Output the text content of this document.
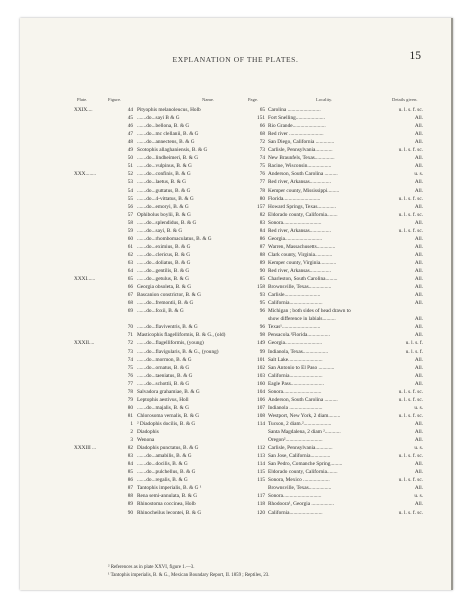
EXPLANATION OF THE PLATES.	15
Plate.	Figure.	Name.	Page.	Locality.	Details given.
XXIX....	44 Pityophis melanoleucus, Holb	65 Carolina .........................	u. l. s. f. sc.
45 .......do...sayi B & G	151 Fort Snelling......................	All.
46 .......do...bellona, B. & G	66 Rio Grande.........................	All.
47 .......do...mc clellanii, B. & G	68 Red river ..........................	All.
48 .......do...annectens, B. & G	72 San Diego, California ..............	All.
49 Scotophis allaghaniensis, B. & G	73 Carlisle, Pennsylvania.............	u. l. s. f. sc.
50 .......do...lindheimeri, B. & G	74 New Braunfels, Texas...............	All.
51 .......do...vulpinus, B. & G	75 Racine, Wisconsin..................	All.
XXX........	52 .......do...confinis, B. & G	76 Anderson, South Carolina ..........	u. s.
53 .......do...laetus, B. & G	77 Red river, Arkansas................	All.
54 .......do...guttatus, B. & G	78 Kemper county, Mississippi.........	All.
55 .......do...4-vittatus, B. & G	80 Florida............................	u. l. s. f. sc.
56 .......do...emoryi, B. & G	157 Howard Springs, Texas..............	All.
57 Ophibolus boylii, B. & G	82 Eldorado county, California........	u. l. s. f. sc.
58 .......do...splendidus, B. & G	83 Sonora.............................	All.
59 .......do...sayi, B. & G	84 Red river, Arkansas................	u. l. s. f. sc.
60 .......do...rhombomaculatus, B. & G	86 Georgia............................	All.
61 .......do...eximius, B. & G	87 Warren, Massachusetts..............	All.
62 .......do...clericus, B. & G	88 Clark county, Virginia.............	All.
63 .......do...doliatus, B. & G	89 Kemper county, Virginia............	All.
64 .......do...gentilis, B. & G	90 Red river, Arkansas................	All.
XXXI......	65 .......do...getulus, B. & G	85 Charleston, South Carolina.........	All.
66 Georgia obsoleta, B. & G	158 Brownsville, Texas.................	All.
67 Bascanion constrictor, B. & G	93 Carlisle...........................	All.
68 .......do...fremontii, B. & G	95 California.........................	All.
69 .......do...foxii, B. & G	96 Michigan ; both sides of head drawn to
show difference in labials..........	All.
70 .......do...flaviventris, B. & G	96 Texas¹.............................	All.
71 Masticophis flagelliformis, B. & G., (old)	98 Pensacola.¹Florida.................	All.
XXXII....	72 .......do...flagelliformis, (young)	149 Georgia............................	u. l. s. f.
73 .......do...flavigularis, B. & G., (young)	99 Indianola, Texas...................	u. l. s. f.
74 .......do...mormon, B. & G	101 Salt Lake..........................	All.
75 .......do...ornatus, B. & G	102 San Antonio to El Paso ............	All.
76 .......do...taeniatus, B. & G	103 California.........................	All.
77 .......do...schottii, B. & G	160 Eagle Pass.........................	All.
78 Salvadora grahamiae, B. & G	104 Sonora.............................	u. l. s. f. sc.
79 Leptophis aestivus, Holl	106 Anderson, South Carolina ..........	u. l. s. f. sc.
80 .......do...majalis, B. & G	107 Indianola .........................	u. s.
81 Chlorosoma vernalis, B. & G	108 Westport, New York, 2 diam.........	u. l. s. f. sc.
1 ² Diadophis docilis, B. & G	114 Tucson, 2 diam.².....................	All.
2 Diadophis	Santa Magdalena, 2 diam ²............	All.
3 Wenona	Oregon²............................	All.
XXXIII ...	82 Diadophis punctatus, B. & G	112 Carlisle, Pennsylvania.............	u. s.
83 .......do...amabilis, B. & G	113 San Jose, California...............	u. l. s. f. sc.
84 .......do...docilis, B. & G	114 San Pedro, Comanche Spring.........	All.
85 .......do...pulchellus, B. & G	115 Eldorado county, California........	All.
86 .......do...regalis, B. & G	115 Sonora, Mexico ....................	u. l. s. f. sc.
87 Tantophis imperialis, B. & G ¹	Brownsville, Texas.................	All.
88 Rena semi-annulata, B. & G	117 Sonora.............................	u. s.
89 Rhinostoma coccinea, Holb	118 Rhodoora¹, Georgia .................	All.
90 Rhinocheilus lecontei, B. & G	120 California.........................	u. l. s. f. sc.
² References as in plate XXVI, figure 1.—3.
¹ Tantophis imperialis, B. & G., Mexican Boundary Report, II. 1859 ; Reptiles, 23.
